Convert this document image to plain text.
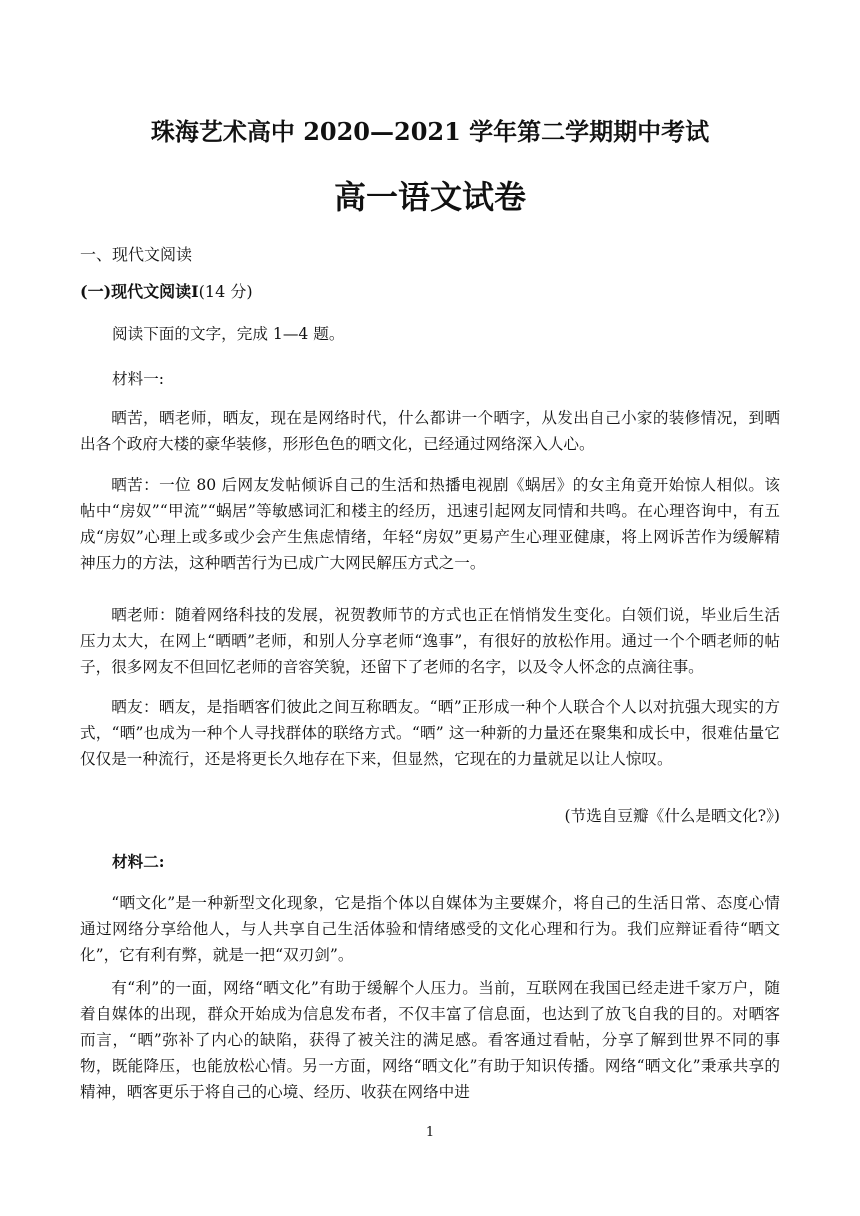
珠海艺术高中 2020—2021 学年第二学期期中考试
高一语文试卷
一、现代文阅读
(一)现代文阅读Ⅰ(14 分)
阅读下面的文字，完成 1—4 题。
材料一:
晒苦，晒老师，晒友，现在是网络时代，什么都讲一个晒字，从发出自己小家的装修情况，到晒出各个政府大楼的豪华装修，形形色色的晒文化，已经通过网络深入人心。
晒苦：一位 80 后网友发帖倾诉自己的生活和热播电视剧《蜗居》的女主角竟开始惊人相似。该帖中“房奴”“甲流”“蜗居”等敏感词汇和楼主的经历，迅速引起网友同情和共鸣。在心理咨询中，有五成“房奴”心理上或多或少会产生焦虑情绪，年轻“房奴”更易产生心理亚健康，将上网诉苦作为缓解精神压力的方法，这种晒苦行为已成广大网民解压方式之一。
晒老师：随着网络科技的发展，祝贺教师节的方式也正在悄悄发生变化。白领们说，毕业后生活压力太大，在网上“晒晒”老师，和别人分享老师“逸事”，有很好的放松作用。通过一个个晒老师的帖子，很多网友不但回忆老师的音容笑貌，还留下了老师的名字，以及令人怀念的点滴往事。
晒友：晒友，是指晒客们彼此之间互称晒友。“晒”正形成一种个人联合个人以对抗强大现实的方式，“晒”也成为一种个人寻找群体的联络方式。“晒” 这一种新的力量还在聚集和成长中，很难估量它仅仅是一种流行，还是将更长久地存在下来，但显然，它现在的力量就足以让人惊叹。
(节选自豆瓣《什么是晒文化?》)
材料二:
“晒文化”是一种新型文化现象，它是指个体以自媒体为主要媒介，将自己的生活日常、态度心情通过网络分享给他人，与人共享自己生活体验和情绪感受的文化心理和行为。我们应辩证看待“晒文化”，它有利有弊，就是一把“双刃剑”。
有“利”的一面，网络“晒文化”有助于缓解个人压力。当前，互联网在我国已经走进千家万户，随着自媒体的出现，群众开始成为信息发布者，不仅丰富了信息面，也达到了放飞自我的目的。对晒客而言，“晒”弥补了内心的缺陷，获得了被关注的满足感。看客通过看帖，分享了解到世界不同的事物，既能降压，也能放松心情。另一方面，网络“晒文化”有助于知识传播。网络“晒文化”秉承共享的精神，晒客更乐于将自己的心境、经历、收获在网络中进
1
